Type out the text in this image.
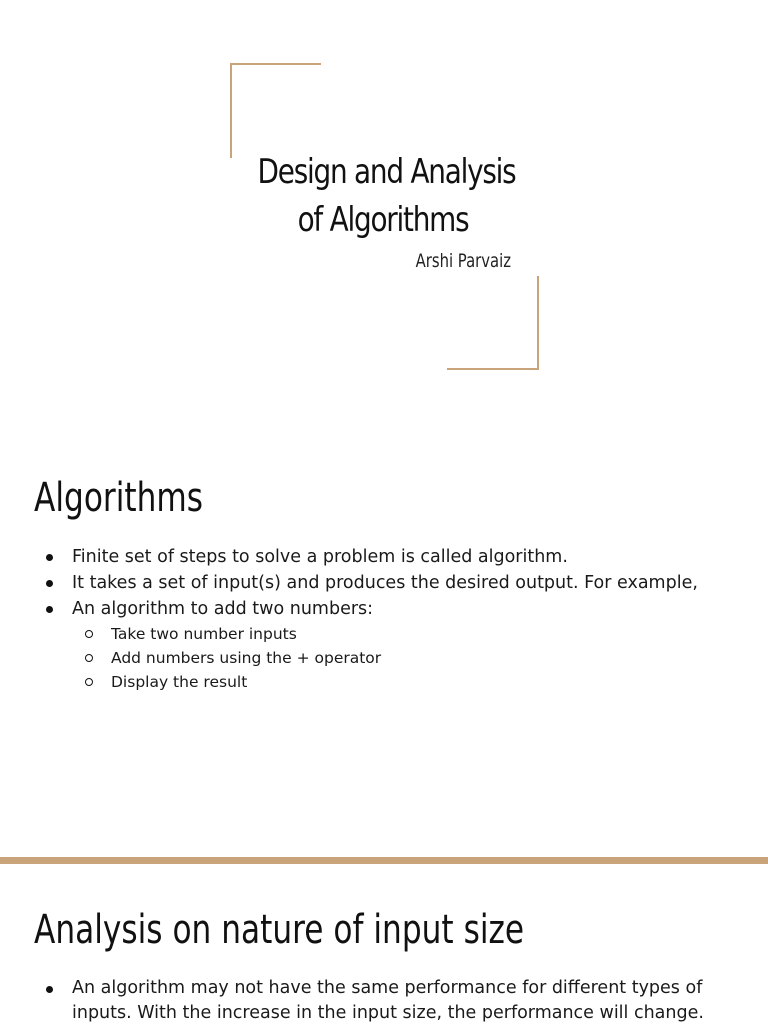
Design and Analysis
of Algorithms
Arshi Parvaiz
Algorithms
Finite set of steps to solve a problem is called algorithm.
It takes a set of input(s) and produces the desired output. For example,
An algorithm to add two numbers:
Take two number inputs
Add numbers using the + operator
Display the result
Analysis on nature of input size
An algorithm may not have the same performance for different types of inputs. With the increase in the input size, the performance will change.
